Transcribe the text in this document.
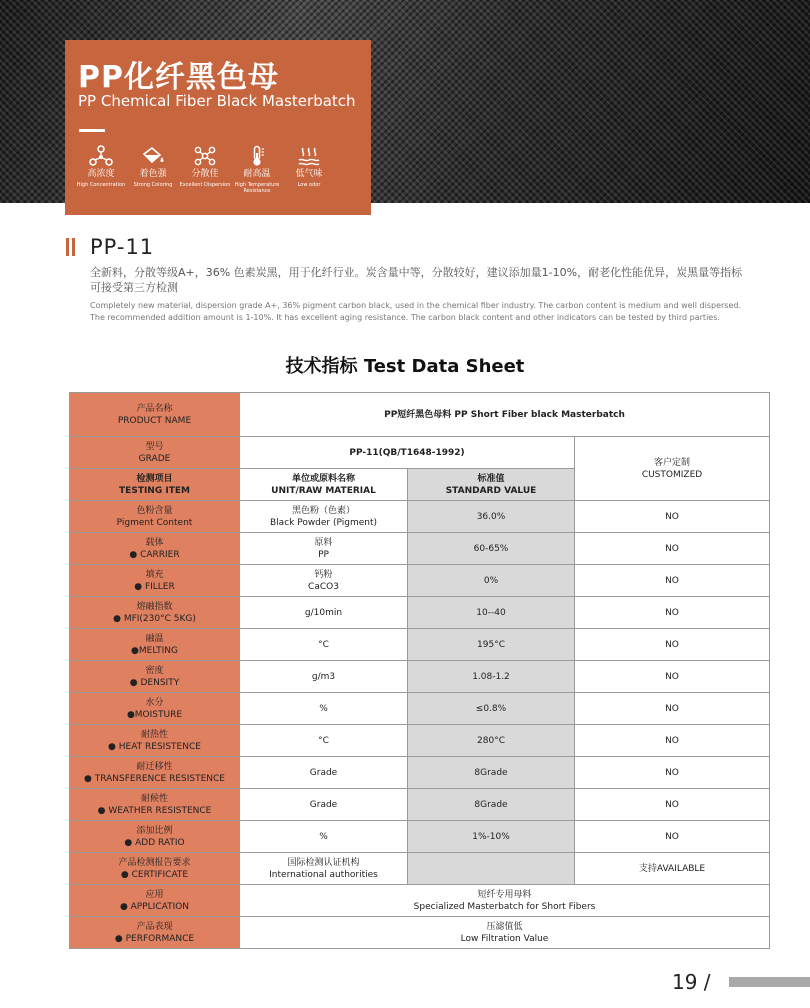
PP化纤黑色母
PP Chemical Fiber Black Masterbatch
高浓度
High Concentration
着色强
Strong Coloring
分散佳
Excellent Dispersion
耐高温
High Temperature Resistance
低气味
Low odor
PP-11
全新料，分散等级A+，36% 色素炭黑，用于化纤行业。炭含量中等，分散较好，建议添加量1-10%，耐老化性能优异，炭黑量等指标可接受第三方检测
Completely new material, dispersion grade A+, 36% pigment carbon black, used in the chemical fiber industry. The carbon content is medium and well dispersed. The recommended addition amount is 1-10%. It has excellent aging resistance. The carbon black content and other indicators can be tested by third parties.
技术指标 Test Data Sheet
产品名称
PRODUCT NAME	PP短纤黑色母料 PP Short Fiber black Masterbatch		

型号
GRADE	PP-11(QB/T1648-1992)		客户定制
CUSTOMIZED

检测项目
TESTING ITEM	单位或原料名称
UNIT/RAW MATERIAL	标准值
STANDARD VALUE	

色粉含量
Pigment Content	黑色粉（色素）
Black Powder (Pigment)	36.0%	NO

载体
● CARRIER	原料
PP	60-65%	NO

填充
● FILLER	钙粉
CaCO3	0%	NO

熔融指数
● MFI(230°C 5KG)	g/10min	10--40	NO

融温
●MELTING	°C	195°C	NO

密度
● DENSITY	g/m3	1.08-1.2	NO

水分
●MOISTURE	%	≤0.8%	NO

耐热性
● HEAT RESISTENCE	°C	280°C	NO

耐迁移性
● TRANSFERENCE RESISTENCE	Grade	8Grade	NO

耐候性
● WEATHER RESISTENCE	Grade	8Grade	NO

添加比例
● ADD RATIO	%	1%-10%	NO

产品检测报告要求
● CERTIFICATE	国际检测认证机构
International authorities		支持AVAILABLE

应用
● APPLICATION	短纤专用母料
Specialized Masterbatch for Short Fibers		

产品表现
● PERFORMANCE	压滤值低
Low Filtration Value		
19 /
